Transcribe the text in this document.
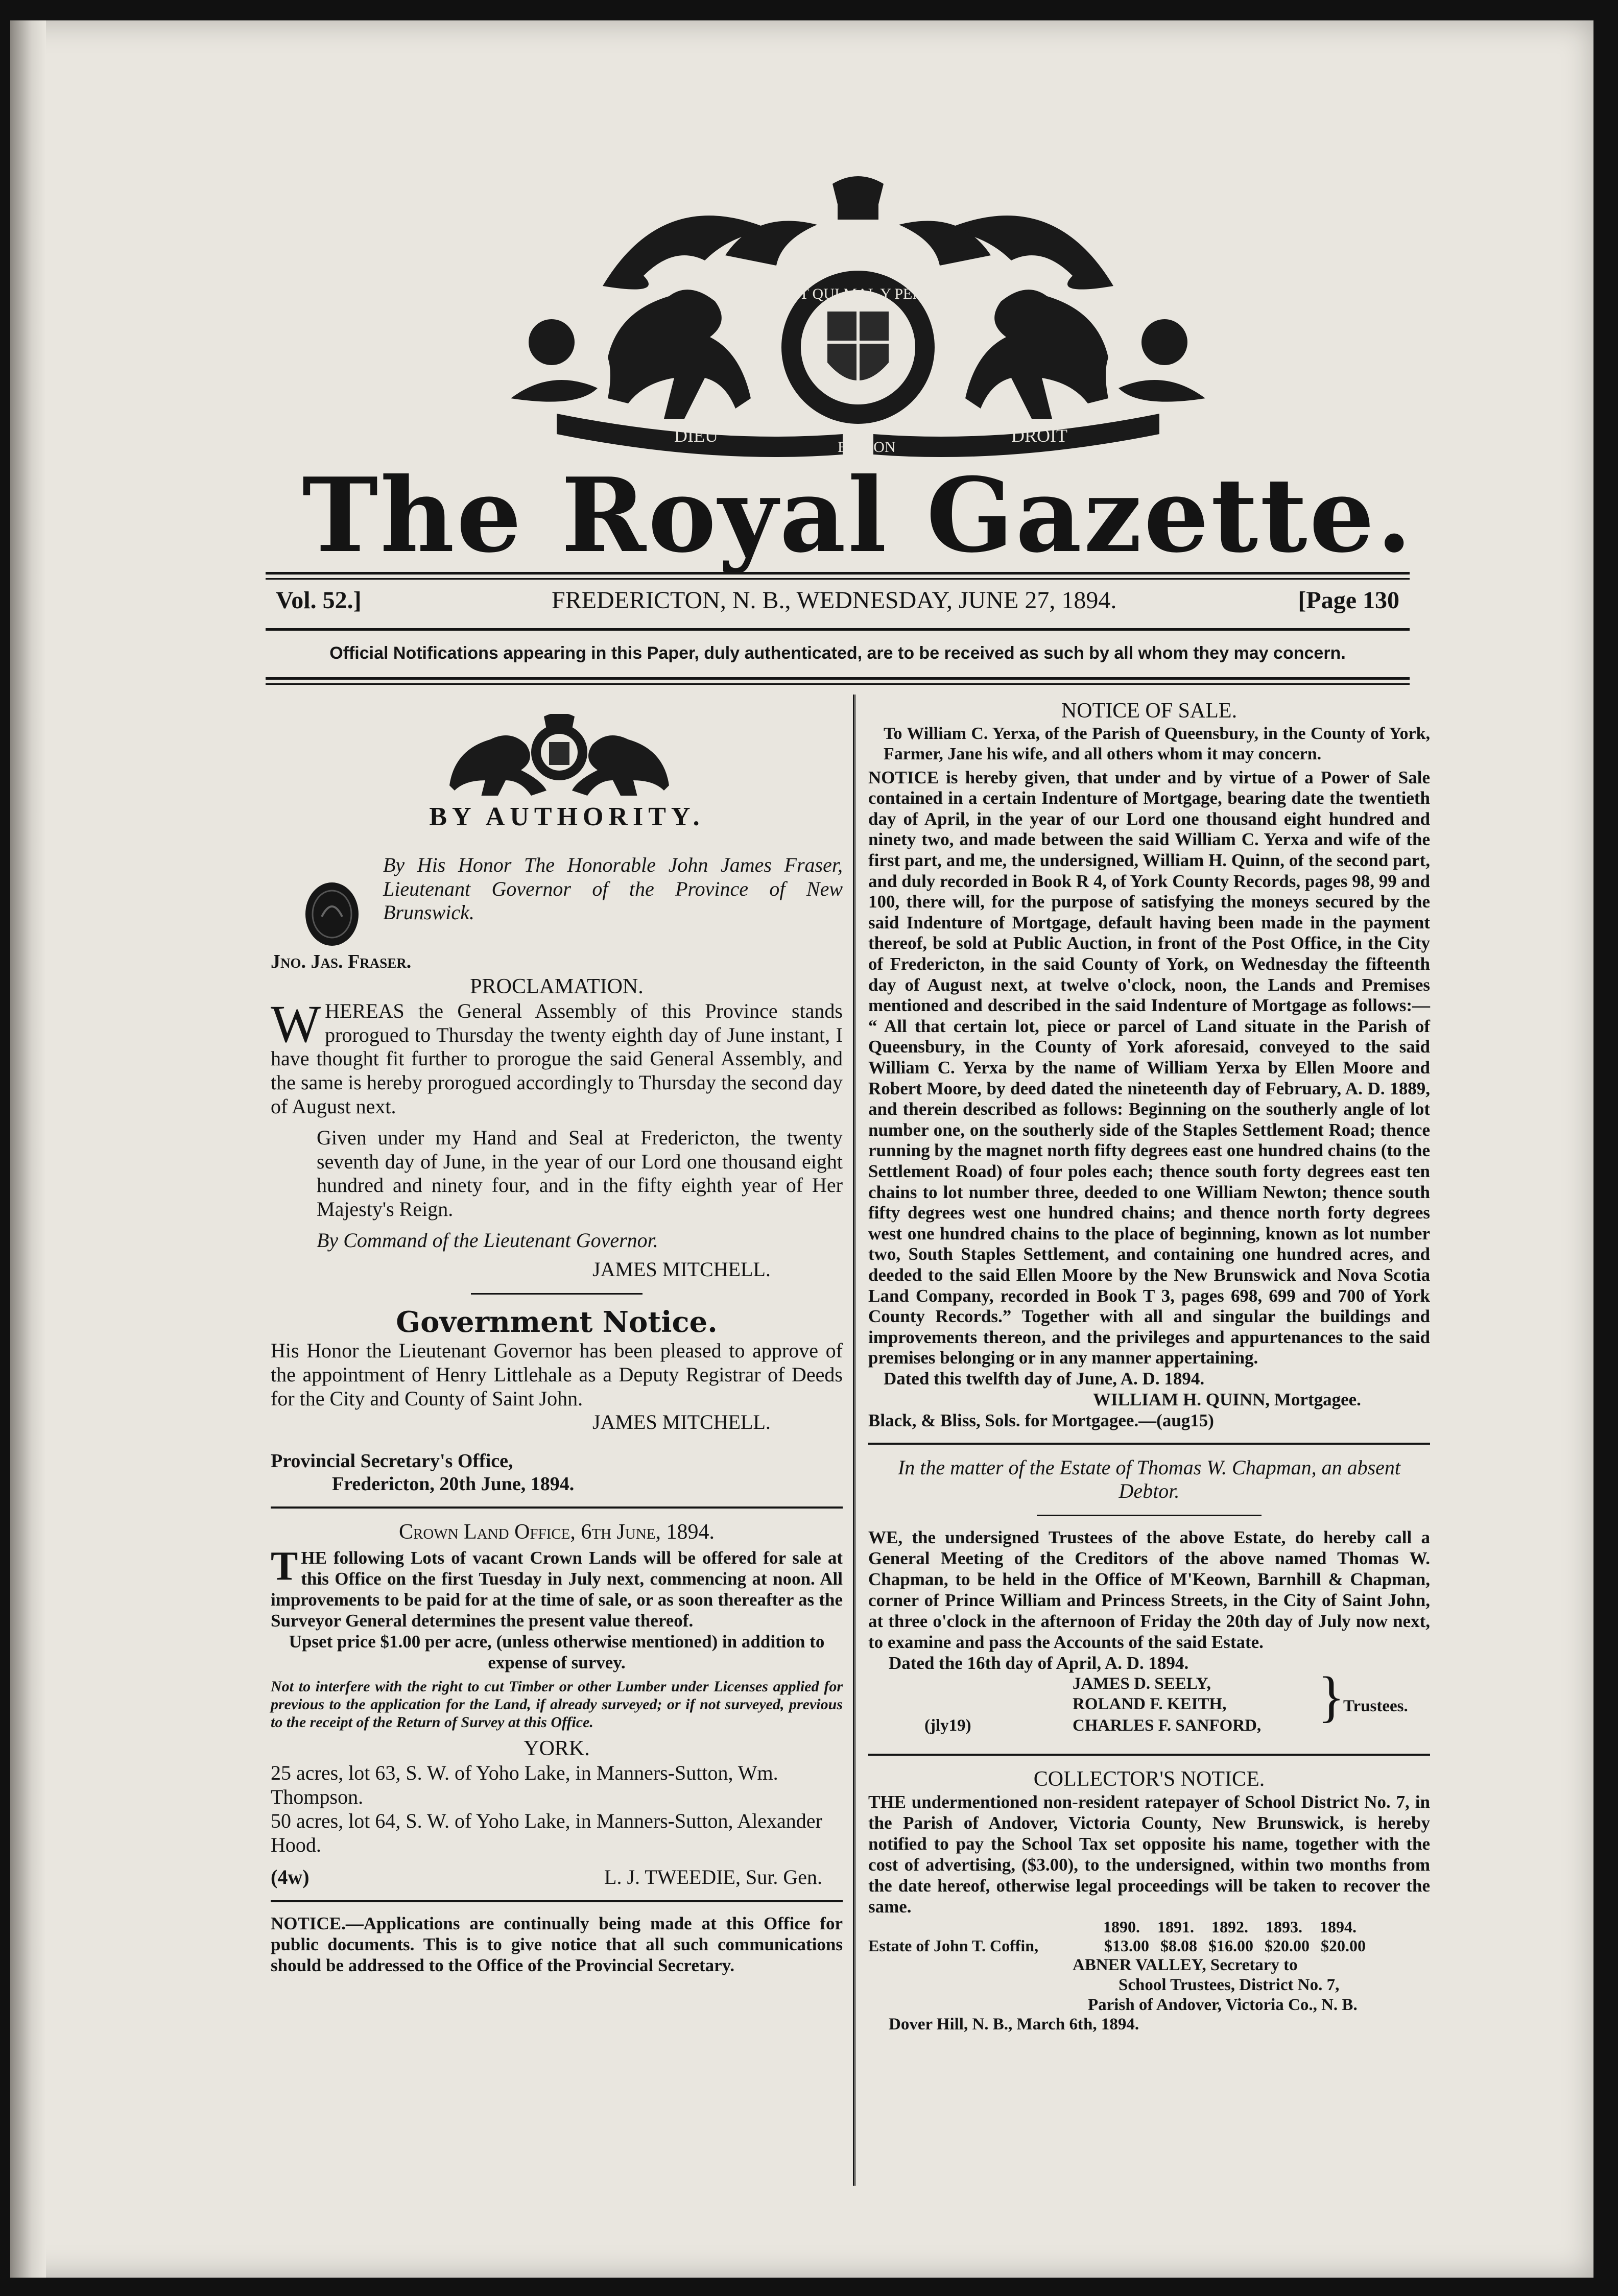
SOIT QUI MAL Y PENSE
DIEU
ET MON
DROIT
The Royal Gazette.
Vol. 52.]	FREDERICTON, N. B., WEDNESDAY, JUNE 27, 1894.	[Page 130
Official Notifications appearing in this Paper, duly authenticated, are to be received as such by all whom they may concern.

BY AUTHORITY.

By His Honor The Honorable John James Fraser, Lieutenant Governor of the Province of New Brunswick.

Jno. Jas. Fraser.

PROCLAMATION.

WHEREAS the General Assembly of this Province stands prorogued to Thursday the twenty eighth day of June instant, I have thought fit further to prorogue the said General Assembly, and the same is hereby prorogued accordingly to Thursday the second day of August next.

Given under my Hand and Seal at Fredericton, the twenty seventh day of June, in the year of our Lord one thousand eight hundred and ninety four, and in the fifty eighth year of Her Majesty's Reign.

By Command of the Lieutenant Governor.

JAMES MITCHELL.

Government Notice.

His Honor the Lieutenant Governor has been pleased to approve of the appointment of Henry Littlehale as a Deputy Registrar of Deeds for the City and County of Saint John.

JAMES MITCHELL.

Provincial Secretary's Office,

Fredericton, 20th June, 1894.

Crown Land Office, 6th June, 1894.

THE following Lots of vacant Crown Lands will be offered for sale at this Office on the first Tuesday in July next, commencing at noon. All improvements to be paid for at the time of sale, or as soon thereafter as the Surveyor General determines the present value thereof.

Upset price $1.00 per acre, (unless otherwise mentioned) in addition to expense of survey.

Not to interfere with the right to cut Timber or other Lumber under Licenses applied for previous to the application for the Land, if already surveyed; or if not surveyed, previous to the receipt of the Return of Survey at this Office.

YORK.

25 acres, lot 63, S. W. of Yoho Lake, in Manners-Sutton, Wm. Thompson.

50 acres, lot 64, S. W. of Yoho Lake, in Manners-Sutton, Alexander Hood.

(4w)	L. J. TWEEDIE, Sur. Gen.

NOTICE.—Applications are continually being made at this Office for public documents. This is to give notice that all such communications should be addressed to the Office of the Provincial Secretary.

NOTICE OF SALE.

To William C. Yerxa, of the Parish of Queensbury, in the County of York, Farmer, Jane his wife, and all others whom it may concern.

NOTICE is hereby given, that under and by virtue of a Power of Sale contained in a certain Indenture of Mortgage, bearing date the twentieth day of April, in the year of our Lord one thousand eight hundred and ninety two, and made between the said William C. Yerxa and wife of the first part, and me, the undersigned, William H. Quinn, of the second part, and duly recorded in Book R 4, of York County Records, pages 98, 99 and 100, there will, for the purpose of satisfying the moneys secured by the said Indenture of Mortgage, default having been made in the payment thereof, be sold at Public Auction, in front of the Post Office, in the City of Fredericton, in the said County of York, on Wednesday the fifteenth day of August next, at twelve o'clock, noon, the Lands and Premises mentioned and described in the said Indenture of Mortgage as follows:— “ All that certain lot, piece or parcel of Land situate in the Parish of Queensbury, in the County of York aforesaid, conveyed to the said William C. Yerxa by the name of William Yerxa by Ellen Moore and Robert Moore, by deed dated the nineteenth day of February, A. D. 1889, and therein described as follows: Beginning on the southerly angle of lot number one, on the southerly side of the Staples Settlement Road; thence running by the magnet north fifty degrees east one hundred chains (to the Settlement Road) of four poles each; thence south forty degrees east ten chains to lot number three, deeded to one William Newton; thence south fifty degrees west one hundred chains; and thence north forty degrees west one hundred chains to the place of beginning, known as lot number two, South Staples Settlement, and containing one hundred acres, and deeded to the said Ellen Moore by the New Brunswick and Nova Scotia Land Company, recorded in Book T 3, pages 698, 699 and 700 of York County Records.” Together with all and singular the buildings and improvements thereon, and the privileges and appurtenances to the said premises belonging or in any manner appertaining.

Dated this twelfth day of June, A. D. 1894.

WILLIAM H. QUINN, Mortgagee.

Black, & Bliss, Sols. for Mortgagee.—(aug15)

In the matter of the Estate of Thomas W. Chapman, an absent Debtor.

WE, the undersigned Trustees of the above Estate, do hereby call a General Meeting of the Creditors of the above named Thomas W. Chapman, to be held in the Office of M'Keown, Barnhill & Chapman, corner of Prince William and Princess Streets, in the City of Saint John, at three o'clock in the afternoon of Friday the 20th day of July now next, to examine and pass the Accounts of the said Estate.

Dated the 16th day of April, A. D. 1894.

JAMES D. SEELY,
ROLAND F. KEITH,
(jly19)	CHARLES F. SANFORD, }
Trustees.

COLLECTOR'S NOTICE.

THE undermentioned non-resident ratepayer of School District No. 7, in the Parish of Andover, Victoria County, New Brunswick, is hereby notified to pay the School Tax set opposite his name, together with the cost of advertising, ($3.00), to the undersigned, within two months from the date hereof, otherwise legal proceedings will be taken to recover the same.

1890. 1891. 1892. 1893. 1894.
Estate of John T. Coffin,	$13.00 $8.08 $16.00 $20.00 $20.00

ABNER VALLEY, Secretary to

School Trustees, District No. 7,

Parish of Andover, Victoria Co., N. B.

Dover Hill, N. B., March 6th, 1894.
